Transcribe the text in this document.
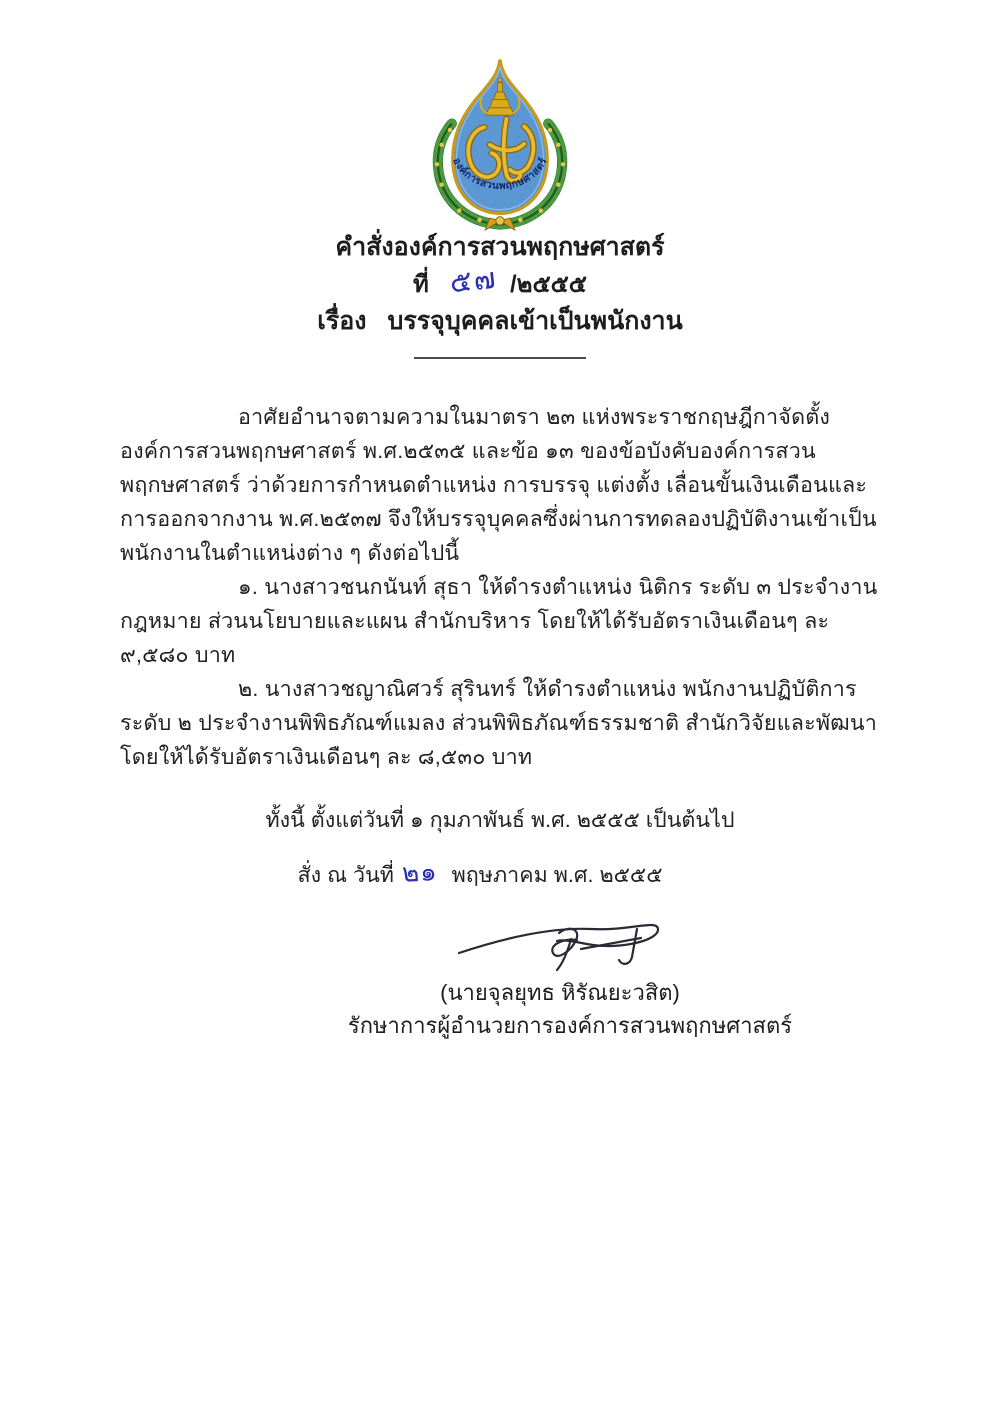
องค์การสวนพฤกษศาสตร์
คำสั่งองค์การสวนพฤกษศาสตร์
ที่ ๕๗ /๒๕๕๕
เรื่อง บรรจุบุคคลเข้าเป็นพนักงาน

อาศัยอำนาจตามความในมาตรา ๒๓ แห่งพระราชกฤษฎีกาจัดตั้งองค์การสวนพฤกษศาสตร์ พ.ศ.๒๕๓๕ และข้อ ๑๓ ของข้อบังคับองค์การสวนพฤกษศาสตร์ ว่าด้วยการกำหนดตำแหน่ง การบรรจุ แต่งตั้ง เลื่อนขั้นเงินเดือนและการออกจากงาน พ.ศ.๒๕๓๗ จึงให้บรรจุบุคคลซึ่งผ่านการทดลองปฏิบัติงานเข้าเป็นพนักงานในตำแหน่งต่าง ๆ ดังต่อไปนี้

๑. นางสาวชนกนันท์ สุธา ให้ดำรงตำแหน่ง นิติกร ระดับ ๓ ประจำงานกฎหมาย ส่วนนโยบายและแผน สำนักบริหาร โดยให้ได้รับอัตราเงินเดือนๆ ละ ๙,๕๘๐ บาท

๒. นางสาวชญาณิศวร์ สุรินทร์ ให้ดำรงตำแหน่ง พนักงานปฏิบัติการ ระดับ ๒ ประจำงานพิพิธภัณฑ์แมลง ส่วนพิพิธภัณฑ์ธรรมชาติ สำนักวิจัยและพัฒนา โดยให้ได้รับอัตราเงินเดือนๆ ละ ๘,๕๓๐ บาท

ทั้งนี้ ตั้งแต่วันที่ ๑ กุมภาพันธ์ พ.ศ. ๒๕๕๕ เป็นต้นไป
สั่ง ณ วันที่ ๒๑ พฤษภาคม พ.ศ. ๒๕๕๕
(นายจุลยุทธ หิรัณยะวสิต)
รักษาการผู้อำนวยการองค์การสวนพฤกษศาสตร์
